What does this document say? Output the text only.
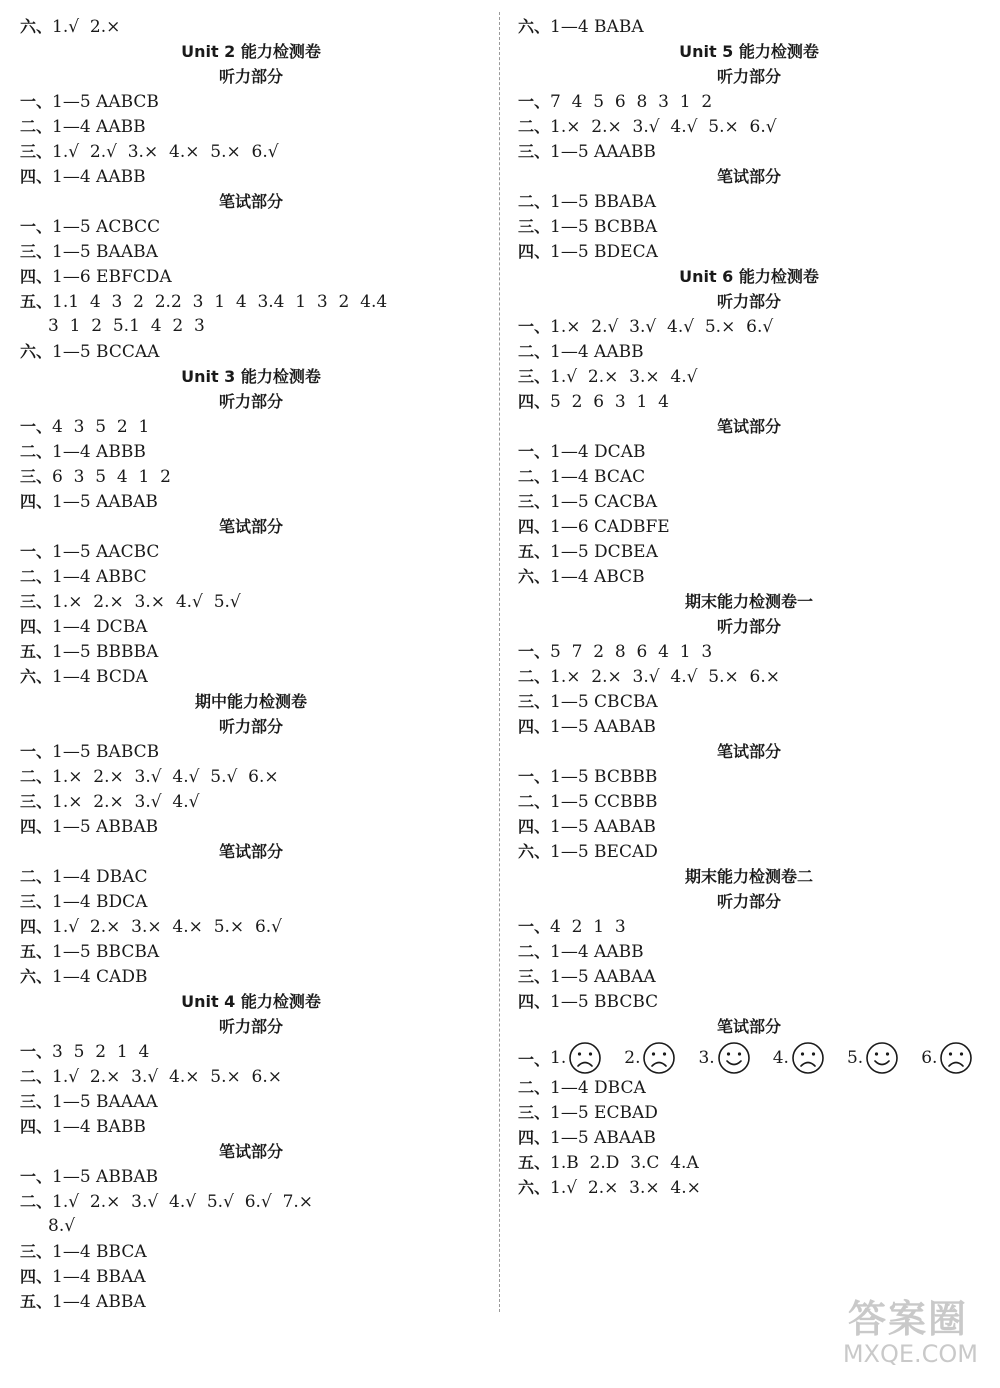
六、1.√  2.×
Unit 2 能力检测卷
听力部分
一、1—5 AABCB
二、1—4 AABB
三、1.√  2.√  3.×  4.×  5.×  6.√
四、1—4 AABB
笔试部分
一、1—5 ACBCC
三、1—5 BAABA
四、1—6 EBFCDA
五、1.1  4  3  2  2.2  3  1  4  3.4  1  3  2  4.4
3  1  2  5.1  4  2  3
六、1—5 BCCAA
Unit 3 能力检测卷
听力部分
一、4  3  5  2  1
二、1—4 ABBB
三、6  3  5  4  1  2
四、1—5 AABAB
笔试部分
一、1—5 AACBC
二、1—4 ABBC
三、1.×  2.×  3.×  4.√  5.√
四、1—4 DCBA
五、1—5 BBBBA
六、1—4 BCDA
期中能力检测卷
听力部分
一、1—5 BABCB
二、1.×  2.×  3.√  4.√  5.√  6.×
三、1.×  2.×  3.√  4.√
四、1—5 ABBAB
笔试部分
二、1—4 DBAC
三、1—4 BDCA
四、1.√  2.×  3.×  4.×  5.×  6.√
五、1—5 BBCBA
六、1—4 CADB
Unit 4 能力检测卷
听力部分
一、3  5  2  1  4
二、1.√  2.×  3.√  4.×  5.×  6.×
三、1—5 BAAAA
四、1—4 BABB
笔试部分
一、1—5 ABBAB
二、1.√  2.×  3.√  4.√  5.√  6.√  7.×
8.√
三、1—4 BBCA
四、1—4 BBAA
五、1—4 ABBA
六、1—4 BABA
Unit 5 能力检测卷
听力部分
一、7  4  5  6  8  3  1  2
二、1.×  2.×  3.√  4.√  5.×  6.√
三、1—5 AAABB
笔试部分
二、1—5 BBABA
三、1—5 BCBBA
四、1—5 BDECA
Unit 6 能力检测卷
听力部分
一、1.×  2.√  3.√  4.√  5.×  6.√
二、1—4 AABB
三、1.√  2.×  3.×  4.√
四、5  2  6  3  1  4
笔试部分
一、1—4 DCAB
二、1—4 BCAC
三、1—5 CACBA
四、1—6 CADBFE
五、1—5 DCBEA
六、1—4 ABCB
期末能力检测卷一
听力部分
一、5  7  2  8  6  4  1  3
二、1.×  2.×  3.√  4.√  5.×  6.×
三、1—5 CBCBA
四、1—5 AABAB
笔试部分
一、1—5 BCBBB
二、1—5 CCBBB
四、1—5 AABAB
六、1—5 BECAD
期末能力检测卷二
听力部分
一、4  2  1  3
二、1—4 AABB
三、1—5 AABAA
四、1—5 BBCBC
笔试部分
一、 1.	2.	3.	4.	5.	6.
二、1—4 DBCA
三、1—5 ECBAD
四、1—5 ABAAB
五、1.B  2.D  3.C  4.A
六、1.√  2.×  3.×  4.×
答案圈
MXQE.COM
